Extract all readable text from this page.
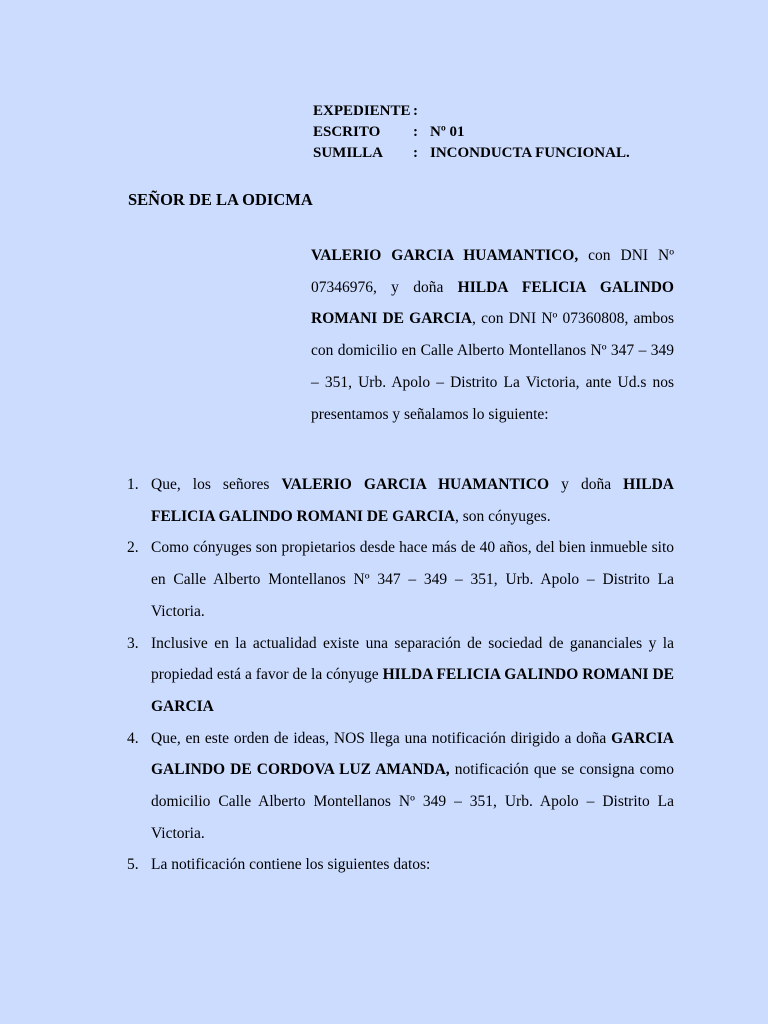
EXPEDIENTE :
ESCRITO	: Nº 01
SUMILLA	: INCONDUCTA FUNCIONAL.
SEÑOR DE LA ODICMA
VALERIO GARCIA HUAMANTICO, con DNI Nº 07346976, y doña HILDA FELICIA GALINDO ROMANI DE GARCIA, con DNI Nº 07360808, ambos con domicilio en Calle Alberto Montellanos Nº 347 – 349 – 351, Urb. Apolo – Distrito La Victoria, ante Ud.s nos presentamos y señalamos lo siguiente:
1. Que, los señores VALERIO GARCIA HUAMANTICO y doña HILDA FELICIA GALINDO ROMANI DE GARCIA, son cónyuges.
2. Como cónyuges son propietarios desde hace más de 40 años, del bien inmueble sito en Calle Alberto Montellanos Nº 347 – 349 – 351, Urb. Apolo – Distrito La Victoria.
3. Inclusive en la actualidad existe una separación de sociedad de gananciales y la propiedad está a favor de la cónyuge HILDA FELICIA GALINDO ROMANI DE GARCIA
4. Que, en este orden de ideas, NOS llega una notificación dirigido a doña GARCIA GALINDO DE CORDOVA LUZ AMANDA, notificación que se consigna como domicilio Calle Alberto Montellanos Nº 349 – 351, Urb. Apolo – Distrito La Victoria.
5. La notificación contiene los siguientes datos:
